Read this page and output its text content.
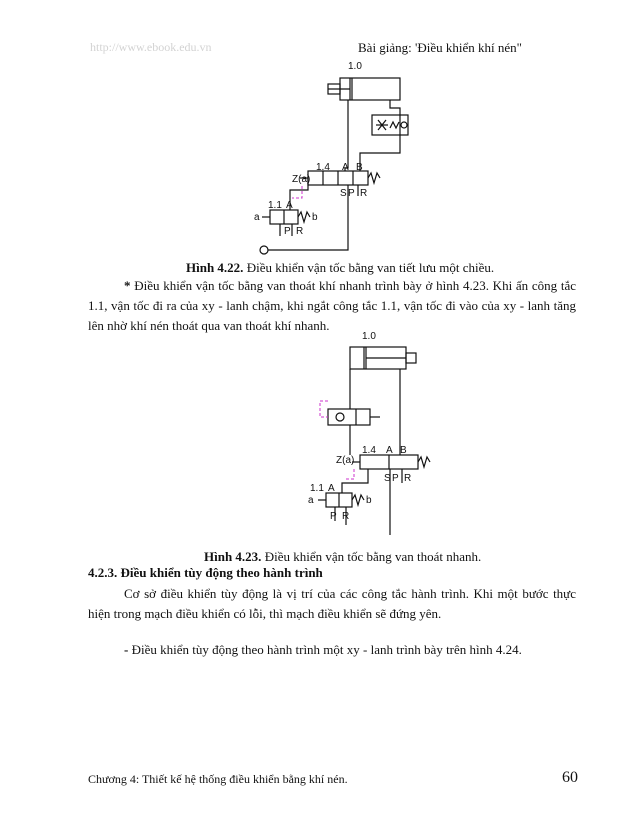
http://www.ebook.edu.vn	Bài giảng: 'Điều khiển khí nén"
1.0
Z(a)
1.4 A B
S P R
1.1 A
a	b
P R
Hình 4.22. Điều khiển vận tốc bằng van tiết lưu một chiều.
* Điều khiển vận tốc bằng van thoát khí nhanh trình bày ở hình 4.23. Khi ấn công tắc 1.1, vận tốc đi ra của xy - lanh chậm, khi ngắt công tắc 1.1, vận tốc đi vào của xy - lanh tăng lên nhờ khí nén thoát qua van thoát khí nhanh.
1.0
Z(a)
1.4 A B
S P R
1.1 A
a	b
P R
Hình 4.23. Điều khiển vận tốc bằng van thoát nhanh.
4.2.3. Điều khiển tùy động theo hành trình
Cơ sở điều khiển tùy động là vị trí của các công tắc hành trình. Khi một bước thực hiện trong mạch điều khiển có lỗi, thì mạch điều khiển sẽ đứng yên.
- Điều khiển tùy động theo hành trình một xy - lanh trình bày trên hình 4.24.
Chương 4: Thiết kế hệ thống điều khiển bằng khí nén.	60
